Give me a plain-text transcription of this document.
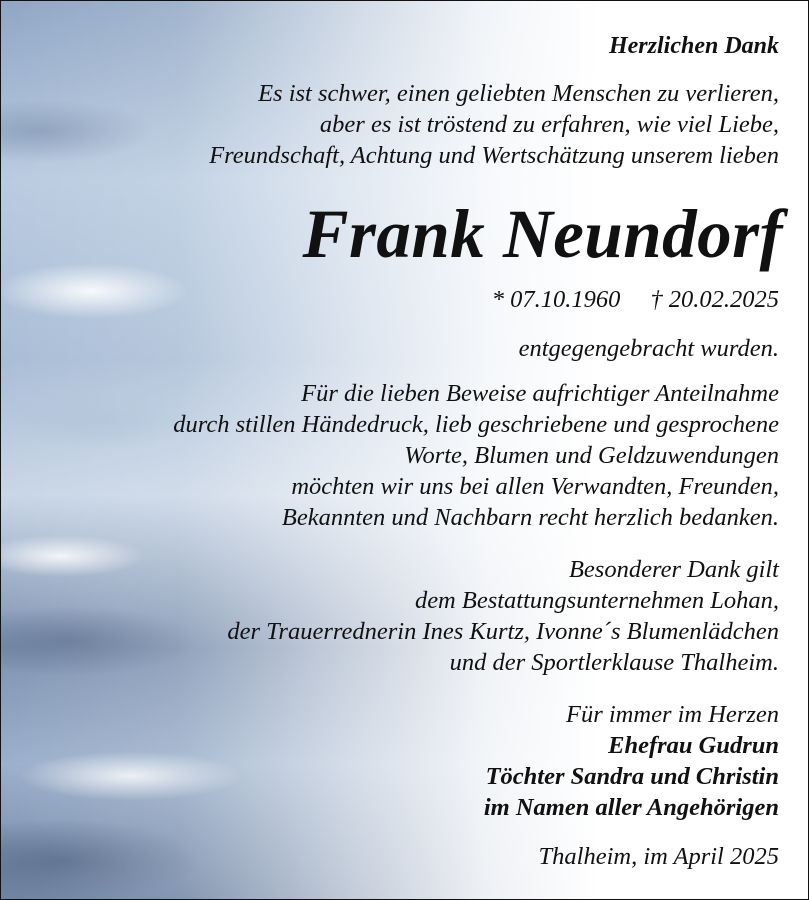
Herzlichen Dank
Es ist schwer, einen geliebten Menschen zu verlieren,
aber es ist tröstend zu erfahren, wie viel Liebe,
Freundschaft, Achtung und Wertschätzung unserem lieben
Frank Neundorf
* 07.10.1960 † 20.02.2025
entgegengebracht wurden.
Für die lieben Beweise aufrichtiger Anteilnahme
durch stillen Händedruck, lieb geschriebene und gesprochene
Worte, Blumen und Geldzuwendungen
möchten wir uns bei allen Verwandten, Freunden,
Bekannten und Nachbarn recht herzlich bedanken.
Besonderer Dank gilt
dem Bestattungsunternehmen Lohan,
der Trauerrednerin Ines Kurtz, Ivonne´s Blumenlädchen
und der Sportlerklause Thalheim.
Für immer im Herzen
Ehefrau Gudrun
Töchter Sandra und Christin
im Namen aller Angehörigen
Thalheim, im April 2025
